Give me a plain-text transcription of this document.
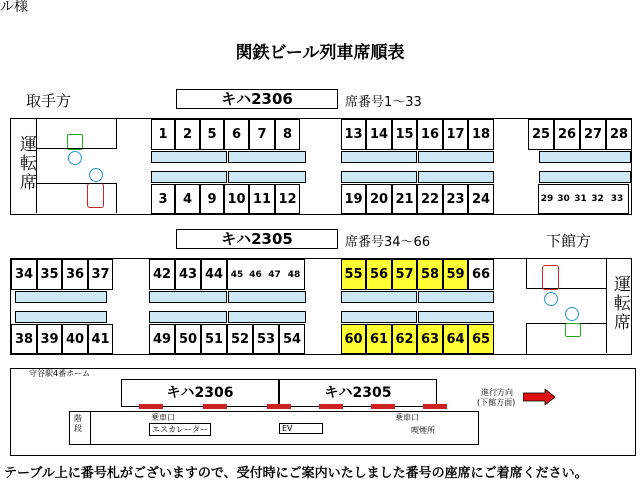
ル様
関鉄ビール列車席順表
取手方	キハ2306	席番号1～33
運転席
1	2	5	6	7	8	13 14 15 16 17 18	25 26 27 28
3	4	9 10 11 12	19 20 21 22 23 24	29 30 31 32 33
キハ2305	席番号34～66	下館方
34 35 36 37	42 43 44 45 46 47 48	55 56 57 58 59 66
38 39 40 41	49 50 51 52 53 54	60 61 62 63 64 65
運転席
守谷駅4番ホーム
キハ2306	キハ2305	進行方向
(下館方面)
階段
乗車口	乗車口
エスカレーター	EV	喫煙所
テーブル上に番号札がございますので、受付時にご案内いたしました番号の座席にご着席ください。
